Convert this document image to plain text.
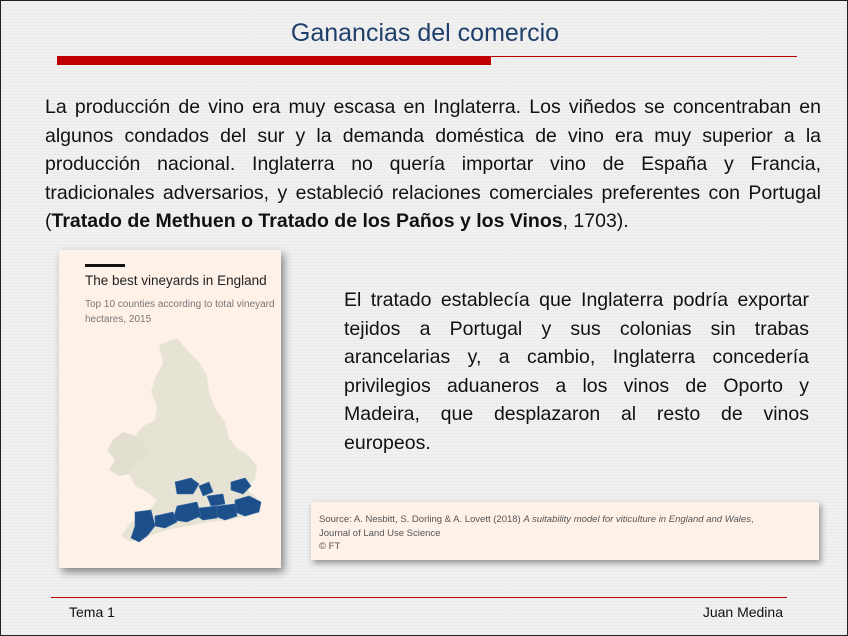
Ganancias del comercio
La producción de vino era muy escasa en Inglaterra. Los viñedos se concentraban en algunos condados del sur y la demanda doméstica de vino era muy superior a la producción nacional. Inglaterra no quería importar vino de España y Francia, tradicionales adversarios, y estableció relaciones comerciales preferentes con Portugal (Tratado de Methuen o Tratado de los Paños y los Vinos, 1703).
The best vineyards in England
Top 10 counties according to total vineyard hectares, 2015
El tratado establecía que Inglaterra podría exportar tejidos a Portugal y sus colonias sin trabas arancelarias y, a cambio, Inglaterra concedería privilegios aduaneros a los vinos de Oporto y Madeira, que desplazaron al resto de vinos europeos.
Source: A. Nesbitt, S. Dorling & A. Lovett (2018) A suitability model for viticulture in England and Wales,
Journal of Land Use Science
© FT
Tema 1	Juan Medina
